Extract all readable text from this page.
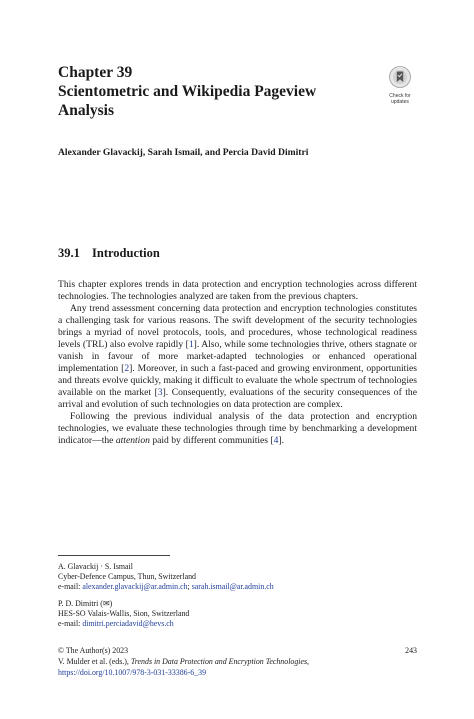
Chapter 39
Scientometric and Wikipedia Pageview Analysis
Check for
updates
Alexander Glavackij, Sarah Ismail, and Percia David Dimitri
39.1 Introduction

This chapter explores trends in data protection and encryption technologies across different technologies. The technologies analyzed are taken from the previous chapters.

Any trend assessment concerning data protection and encryption technologies constitutes a challenging task for various reasons. The swift development of the security technologies brings a myriad of novel protocols, tools, and procedures, whose technological readiness levels (TRL) also evolve rapidly [1]. Also, while some technologies thrive, others stagnate or vanish in favour of more market-adapted technologies or enhanced operational implementation [2]. Moreover, in such a fast-paced and growing environment, opportunities and threats evolve quickly, making it difficult to evaluate the whole spectrum of technologies available on the market [3]. Consequently, evaluations of the security consequences of the arrival and evolution of such technologies on data protection are complex.

Following the previous individual analysis of the data protection and encryption technologies, we evaluate these technologies through time by benchmarking a development indicator—the attention paid by different communities [4].

A. Glavackij · S. Ismail
Cyber-Defence Campus, Thun, Switzerland
e-mail: alexander.glavackij@ar.admin.ch; sarah.ismail@ar.admin.ch
P. D. Dimitri (✉)
HES-SO Valais-Wallis, Sion, Switzerland
e-mail: dimitri.perciadavid@hevs.ch
© The Author(s) 2023	243
V. Mulder et al. (eds.), Trends in Data Protection and Encryption Technologies,
https://doi.org/10.1007/978-3-031-33386-6_39
